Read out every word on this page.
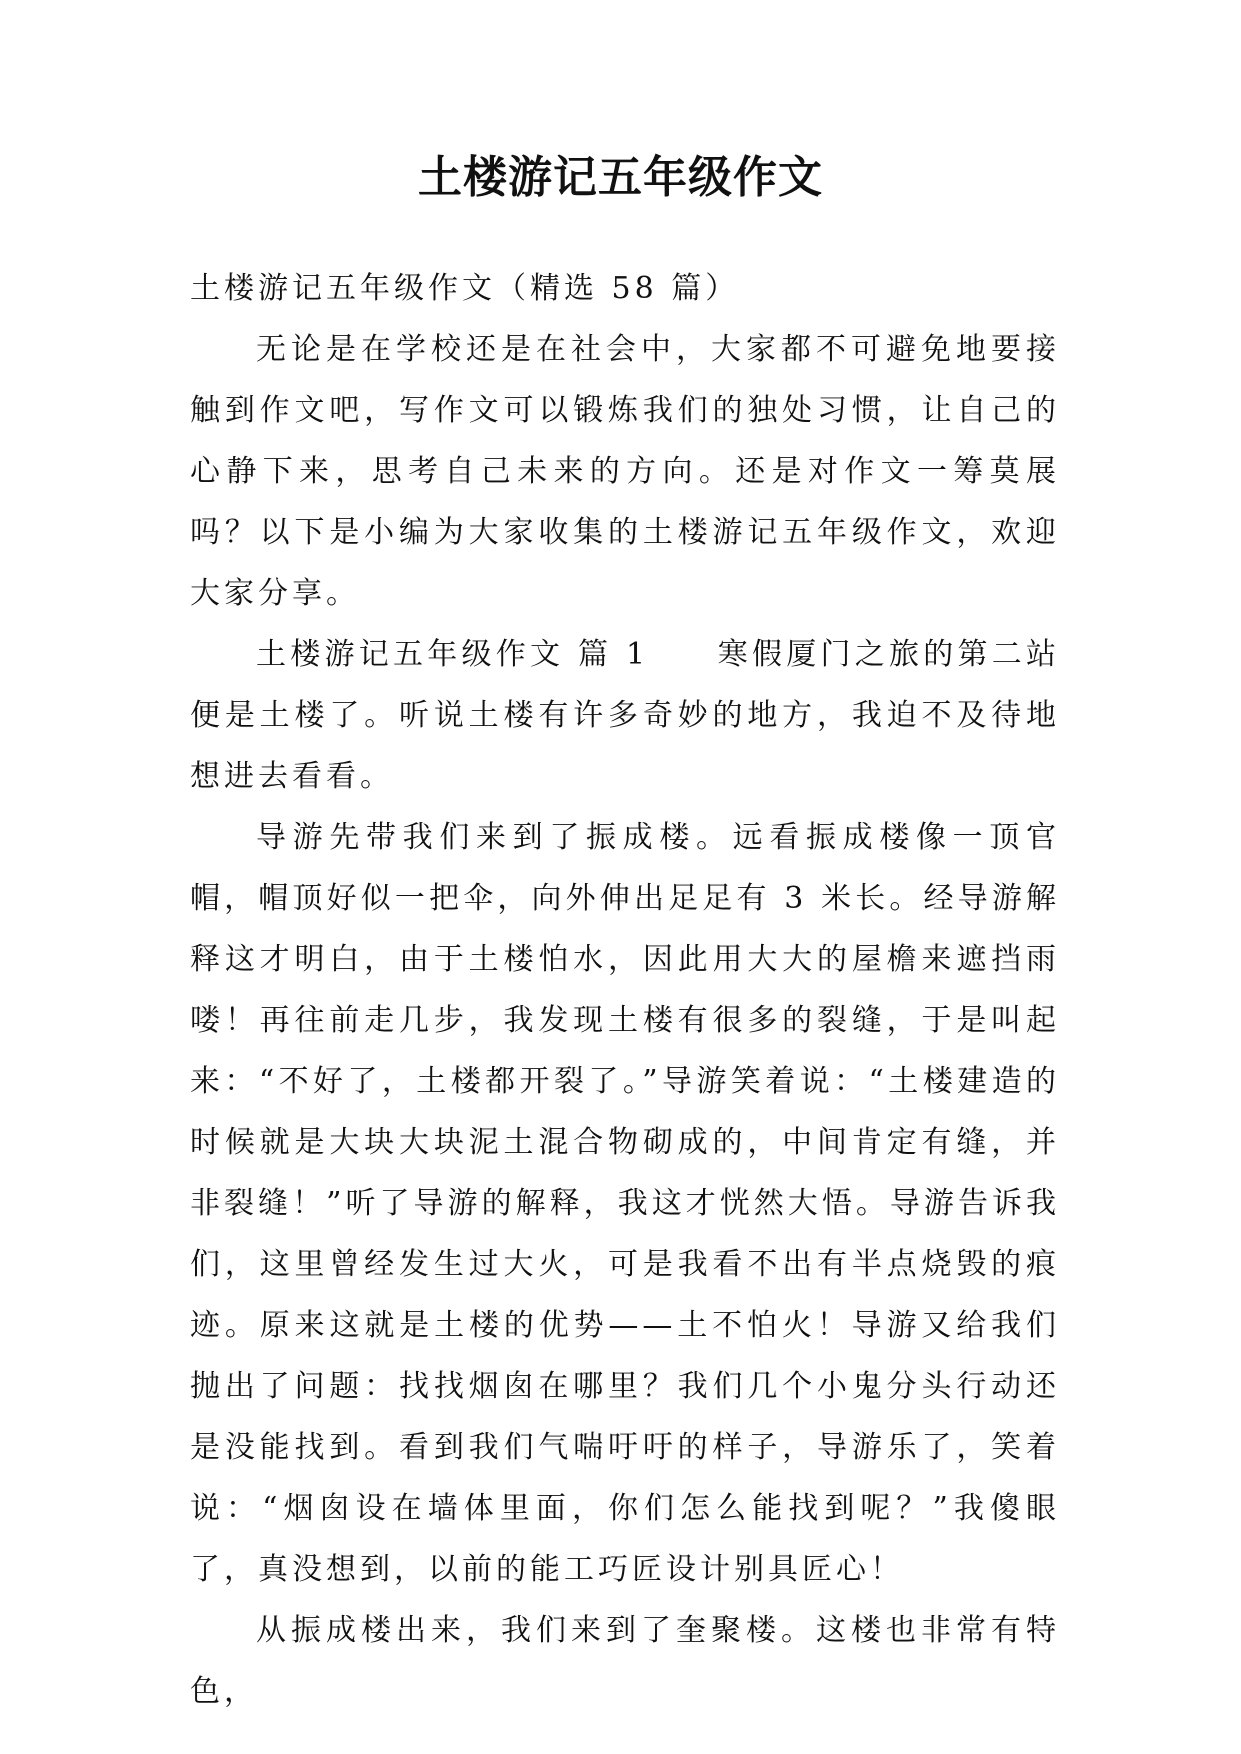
土楼游记五年级作文

土楼游记五年级作文（精选 58 篇）

无论是在学校还是在社会中，大家都不可避免地要接触到作文吧，写作文可以锻炼我们的独处习惯，让自己的心静下来，思考自己未来的方向。还是对作文一筹莫展吗？以下是小编为大家收集的土楼游记五年级作文，欢迎大家分享。

土楼游记五年级作文 篇 1　　寒假厦门之旅的第二站便是土楼了。听说土楼有许多奇妙的地方，我迫不及待地想进去看看。

导游先带我们来到了振成楼。远看振成楼像一顶官帽，帽顶好似一把伞，向外伸出足足有 3 米长。经导游解释这才明白，由于土楼怕水，因此用大大的屋檐来遮挡雨喽！再往前走几步，我发现土楼有很多的裂缝，于是叫起来：“不好了，土楼都开裂了。”导游笑着说：“土楼建造的时候就是大块大块泥土混合物砌成的，中间肯定有缝，并非裂缝！”听了导游的解释，我这才恍然大悟。导游告诉我们，这里曾经发生过大火，可是我看不出有半点烧毁的痕迹。原来这就是土楼的优势——土不怕火！导游又给我们抛出了问题：找找烟囱在哪里？我们几个小鬼分头行动还是没能找到。看到我们气喘吁吁的样子，导游乐了，笑着说：“烟囱设在墙体里面，你们怎么能找到呢？”我傻眼了，真没想到，以前的能工巧匠设计别具匠心！

从振成楼出来，我们来到了奎聚楼。这楼也非常有特色，
